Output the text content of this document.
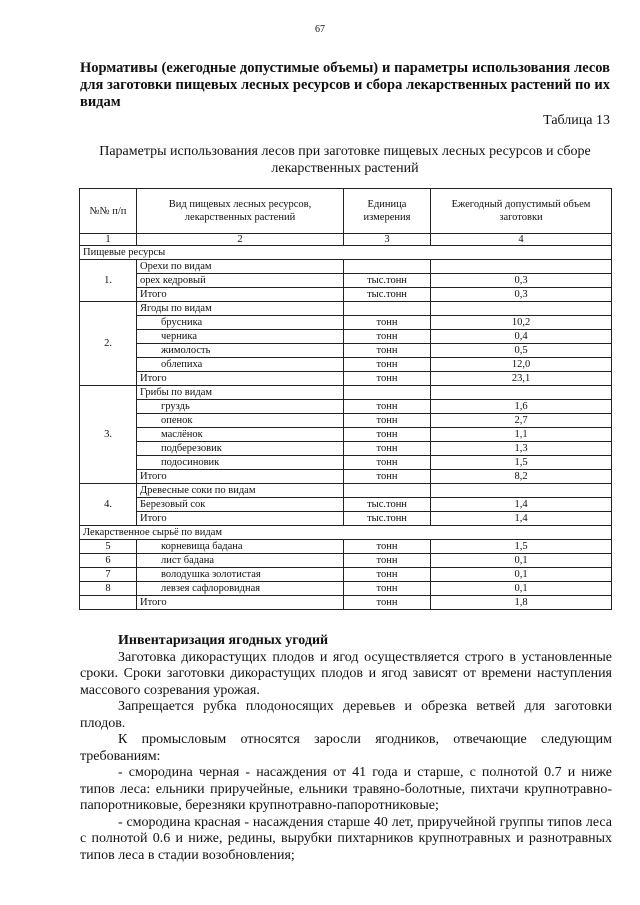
67
Нормативы (ежегодные допустимые объемы) и параметры использования лесов для заготовки пищевых лесных ресурсов и сбора лекарственных растений по их видам
Таблица 13
Параметры использования лесов при заготовке пищевых лесных ресурсов и сборе лекарственных растений
№№ п/п	Вид пищевых лесных ресурсов, лекарственных растений	Единица измерения	Ежегодный допустимый объем заготовки
1	2	3	4
Пищевые ресурсы			
1.	Орехи по видам		
	орех кедровый	тыс.тонн	0,3
	Итого	тыс.тонн	0,3
2.	Ягоды по видам		
	брусника	тонн	10,2
	черника	тонн	0,4
	жимолость	тонн	0,5
	облепиха	тонн	12,0
	Итого	тонн	23,1
3.	Грибы по видам		
	груздь	тонн	1,6
	опенок	тонн	2,7
	маслёнок	тонн	1,1
	подберезовик	тонн	1,3
	подосиновик	тонн	1,5
	Итого	тонн	8,2
4.	Древесные соки по видам		
	Березовый сок	тыс.тонн	1,4
	Итого	тыс.тонн	1,4
Лекарственное сырьё по видам			
5	корневища бадана	тонн	1,5
6	лист бадана	тонн	0,1
7	володушка золотистая	тонн	0,1
8	левзея сафлоровидная	тонн	0,1
	Итого	тонн	1,8

Инвентаризация ягодных угодий

Заготовка дикорастущих плодов и ягод осуществляется строго в установленные сроки. Сроки заготовки дикорастущих плодов и ягод зависят от времени наступления массового созревания урожая.

Запрещается рубка плодоносящих деревьев и обрезка ветвей для заготовки плодов.

К промысловым относятся заросли ягодников, отвечающие следующим требованиям:

- смородина черная - насаждения от 41 года и старше, с полнотой 0.7 и ниже типов леса: ельники приручейные, ельники травяно-болотные, пихтачи крупнотравно-папоротниковые, березняки крупнотравно-папоротниковые;

- смородина красная - насаждения старше 40 лет, приручейной группы типов леса с полнотой 0.6 и ниже, редины, вырубки пихтарников крупнотравных и разнотравных типов леса в стадии возобновления;
